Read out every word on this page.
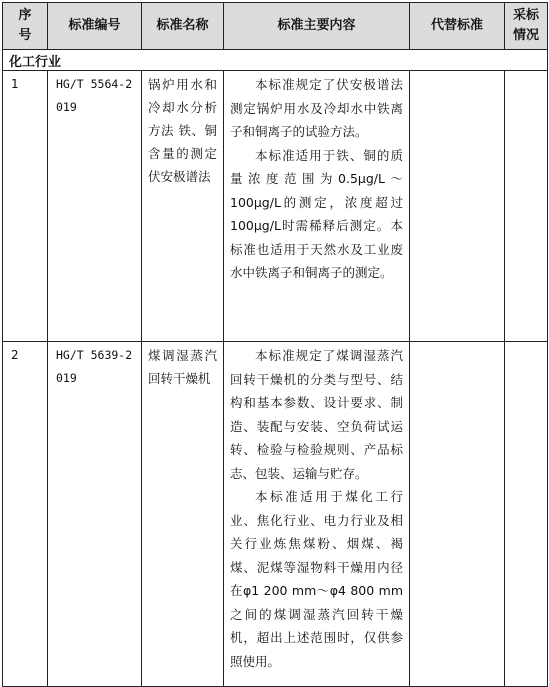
序号	标准编号	标准名称	标准主要内容	代替标准	采标情况
化工行业					
1	HG/T 5564-2019	锅炉用水和冷却水分析方法 铁、铜含量的测定 伏安极谱法	本标准规定了伏安极谱法测定锅炉用水及冷却水中铁离子和铜离子的试验方法。

本标准适用于铁、铜的质量浓度范围为0.5μg/L～100μg/L的测定，浓度超过100μg/L时需稀释后测定。本标准也适用于天然水及工业废水中铁离子和铜离子的测定。		

2	HG/T 5639-2019	煤调湿蒸汽回转干燥机	本标准规定了煤调湿蒸汽回转干燥机的分类与型号、结构和基本参数、设计要求、制造、装配与安装、空负荷试运转、检验与检验规则、产品标志、包装、运输与贮存。

本标准适用于煤化工行业、焦化行业、电力行业及相关行业炼焦煤粉、烟煤、褐煤、泥煤等湿物料干燥用内径在φ1 200 mm～φ4 800 mm之间的煤调湿蒸汽回转干燥机，超出上述范围时，仅供参照使用。		
